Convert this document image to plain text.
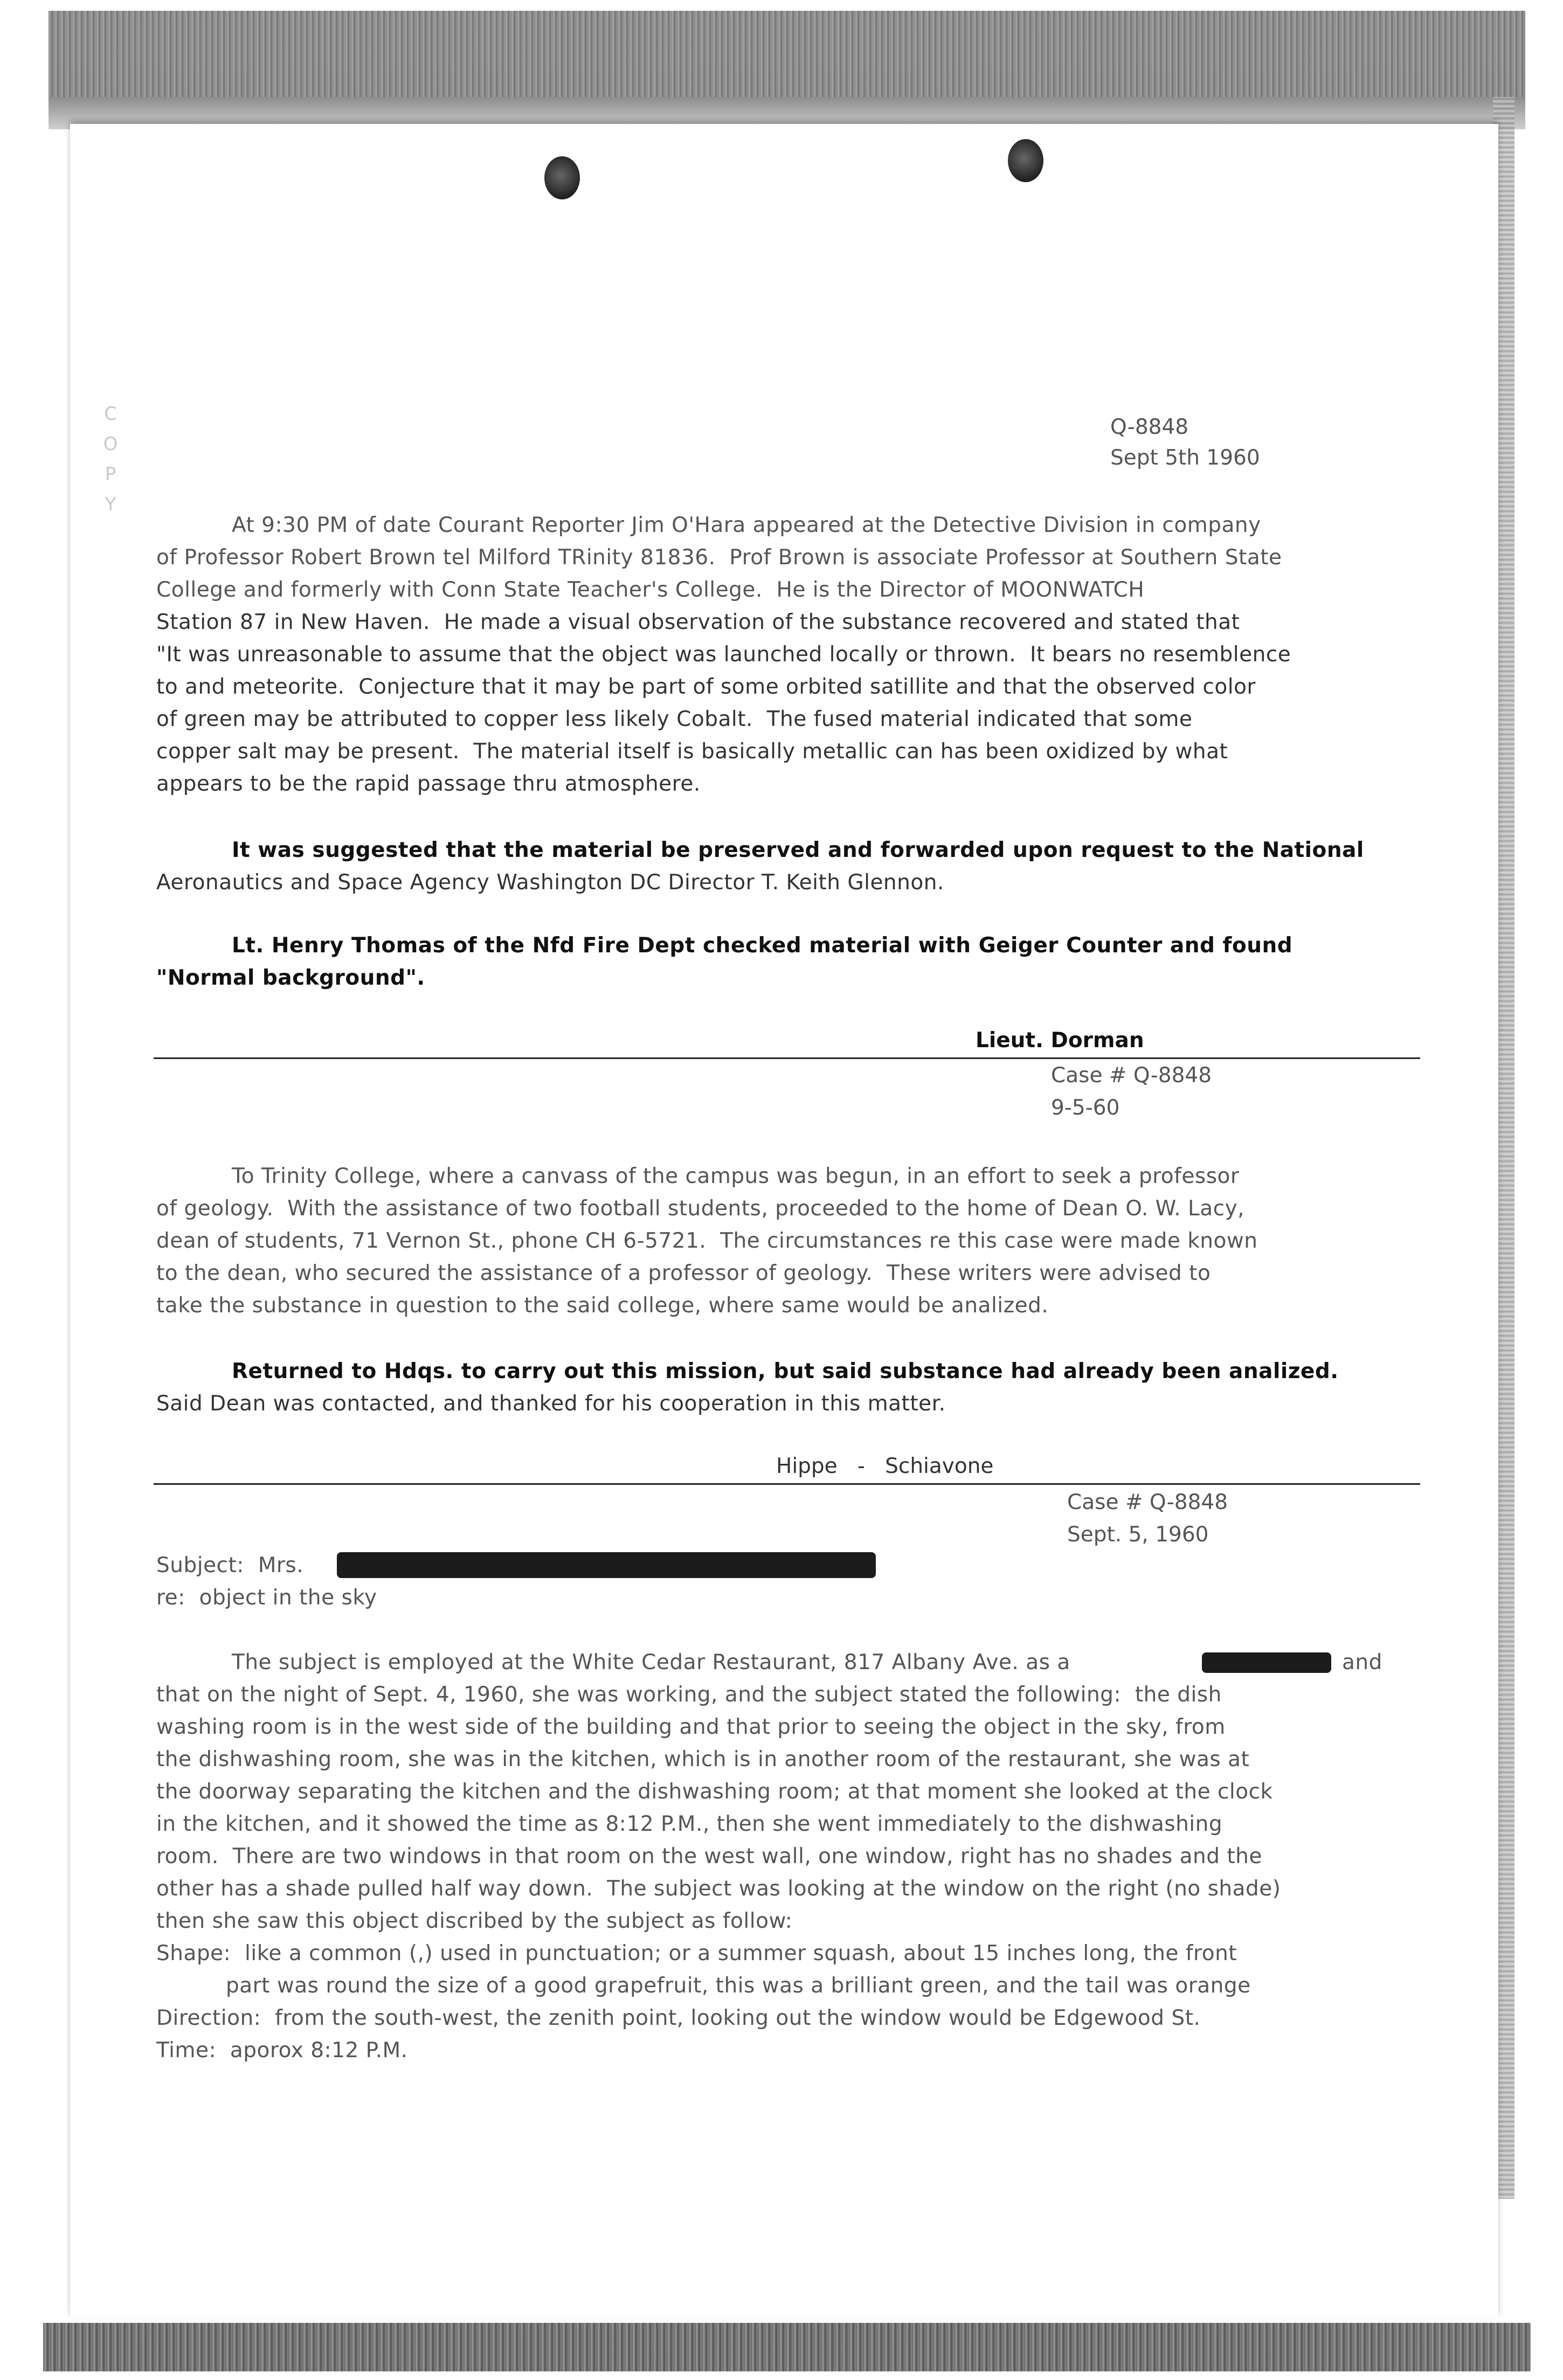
C
O
P
Y
Q-8848
Sept 5th 1960
At 9:30 PM of date Courant Reporter Jim O'Hara appeared at the Detective Division in company
of Professor Robert Brown tel Milford TRinity 81836.  Prof Brown is associate Professor at Southern State
College and formerly with Conn State Teacher's College.  He is the Director of MOONWATCH
Station 87 in New Haven.  He made a visual observation of the substance recovered and stated that
"It was unreasonable to assume that the object was launched locally or thrown.  It bears no resemblence
to and meteorite.  Conjecture that it may be part of some orbited satillite and that the observed color
of green may be attributed to copper less likely Cobalt.  The fused material indicated that some
copper salt may be present.  The material itself is basically metallic can has been oxidized by what
appears to be the rapid passage thru atmosphere.
It was suggested that the material be preserved and forwarded upon request to the National
Aeronautics and Space Agency Washington DC Director T. Keith Glennon.
Lt. Henry Thomas of the Nfd Fire Dept checked material with Geiger Counter and found
"Normal background".
Lieut. Dorman
Case # Q-8848
9-5-60
To Trinity College, where a canvass of the campus was begun, in an effort to seek a professor
of geology.  With the assistance of two football students, proceeded to the home of Dean O. W. Lacy,
dean of students, 71 Vernon St., phone CH 6-5721.  The circumstances re this case were made known
to the dean, who secured the assistance of a professor of geology.  These writers were advised to
take the substance in question to the said college, where same would be analized.
Returned to Hdqs. to carry out this mission, but said substance had already been analized.
Said Dean was contacted, and thanked for his cooperation in this matter.
Hippe   -   Schiavone
Case # Q-8848
Sept. 5, 1960
Subject:  Mrs.
re:  object in the sky
The subject is employed at the White Cedar Restaurant, 817 Albany Ave. as a	and
that on the night of Sept. 4, 1960, she was working, and the subject stated the following:  the dish
washing room is in the west side of the building and that prior to seeing the object in the sky, from
the dishwashing room, she was in the kitchen, which is in another room of the restaurant, she was at
the doorway separating the kitchen and the dishwashing room; at that moment she looked at the clock
in the kitchen, and it showed the time as 8:12 P.M., then she went immediately to the dishwashing
room.  There are two windows in that room on the west wall, one window, right has no shades and the
other has a shade pulled half way down.  The subject was looking at the window on the right (no shade)
then she saw this object discribed by the subject as follow:
Shape:  like a common (,) used in punctuation; or a summer squash, about 15 inches long, the front
part was round the size of a good grapefruit, this was a brilliant green, and the tail was orange
Direction:  from the south-west, the zenith point, looking out the window would be Edgewood St.
Time:  aporox 8:12 P.M.
